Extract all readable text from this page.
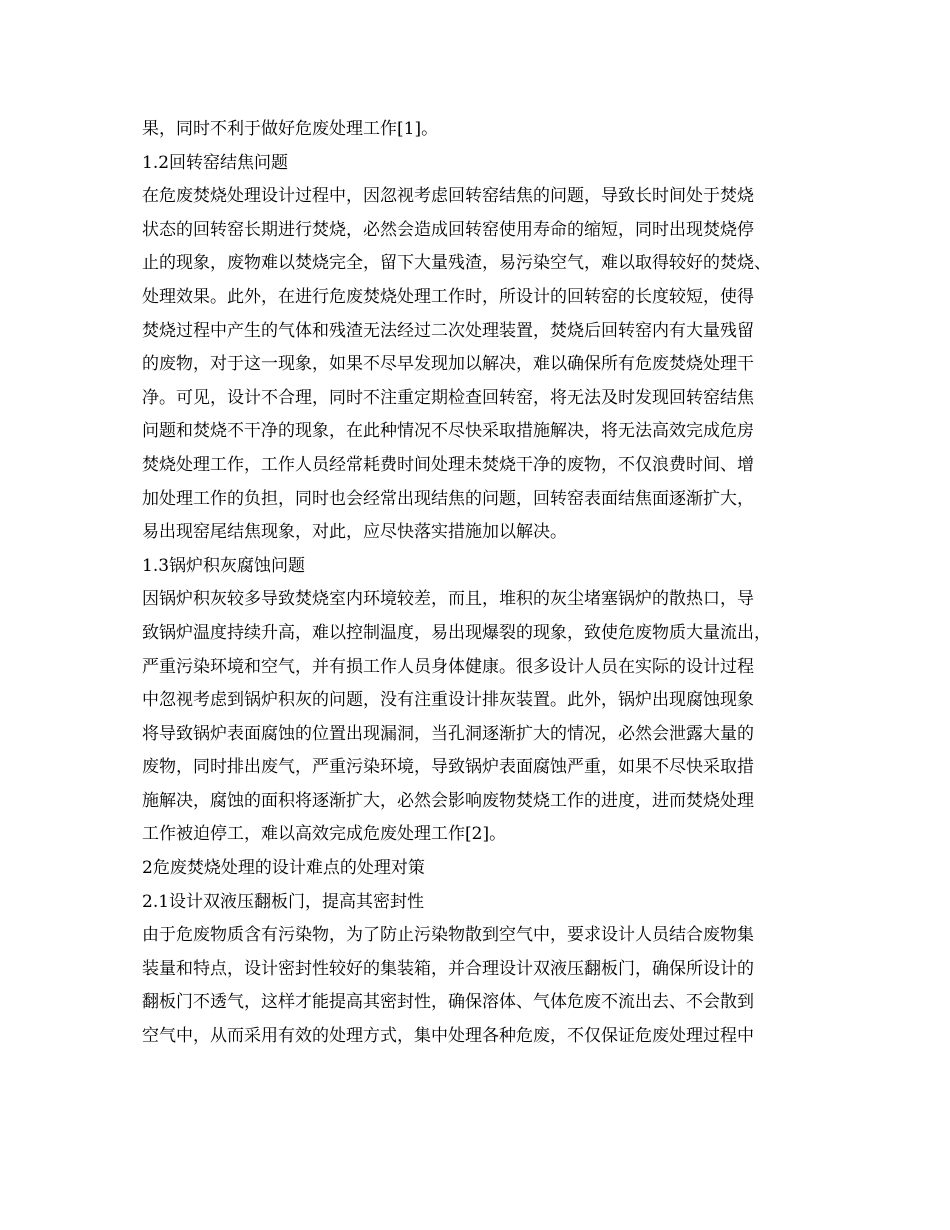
果，同时不利于做好危废处理工作[1]。
1.2回转窑结焦问题
在危废焚烧处理设计过程中，因忽视考虑回转窑结焦的问题，导致长时间处于焚烧
状态的回转窑长期进行焚烧，必然会造成回转窑使用寿命的缩短，同时出现焚烧停
止的现象，废物难以焚烧完全，留下大量残渣，易污染空气，难以取得较好的焚烧、
处理效果。此外，在进行危废焚烧处理工作时，所设计的回转窑的长度较短，使得
焚烧过程中产生的气体和残渣无法经过二次处理装置，焚烧后回转窑内有大量残留
的废物，对于这一现象，如果不尽早发现加以解决，难以确保所有危废焚烧处理干
净。可见，设计不合理，同时不注重定期检查回转窑，将无法及时发现回转窑结焦
问题和焚烧不干净的现象，在此种情况不尽快采取措施解决，将无法高效完成危房
焚烧处理工作，工作人员经常耗费时间处理未焚烧干净的废物，不仅浪费时间、增
加处理工作的负担，同时也会经常出现结焦的问题，回转窑表面结焦面逐渐扩大，
易出现窑尾结焦现象，对此，应尽快落实措施加以解决。
1.3锅炉积灰腐蚀问题
因锅炉积灰较多导致焚烧室内环境较差，而且，堆积的灰尘堵塞锅炉的散热口，导
致锅炉温度持续升高，难以控制温度，易出现爆裂的现象，致使危废物质大量流出，
严重污染环境和空气，并有损工作人员身体健康。很多设计人员在实际的设计过程
中忽视考虑到锅炉积灰的问题，没有注重设计排灰装置。此外，锅炉出现腐蚀现象
将导致锅炉表面腐蚀的位置出现漏洞，当孔洞逐渐扩大的情况，必然会泄露大量的
废物，同时排出废气，严重污染环境，导致锅炉表面腐蚀严重，如果不尽快采取措
施解决，腐蚀的面积将逐渐扩大，必然会影响废物焚烧工作的进度，进而焚烧处理
工作被迫停工，难以高效完成危废处理工作[2]。
2危废焚烧处理的设计难点的处理对策
2.1设计双液压翻板门，提高其密封性
由于危废物质含有污染物，为了防止污染物散到空气中，要求设计人员结合废物集
装量和特点，设计密封性较好的集装箱，并合理设计双液压翻板门，确保所设计的
翻板门不透气，这样才能提高其密封性，确保溶体、气体危废不流出去、不会散到
空气中，从而采用有效的处理方式，集中处理各种危废，不仅保证危废处理过程中
